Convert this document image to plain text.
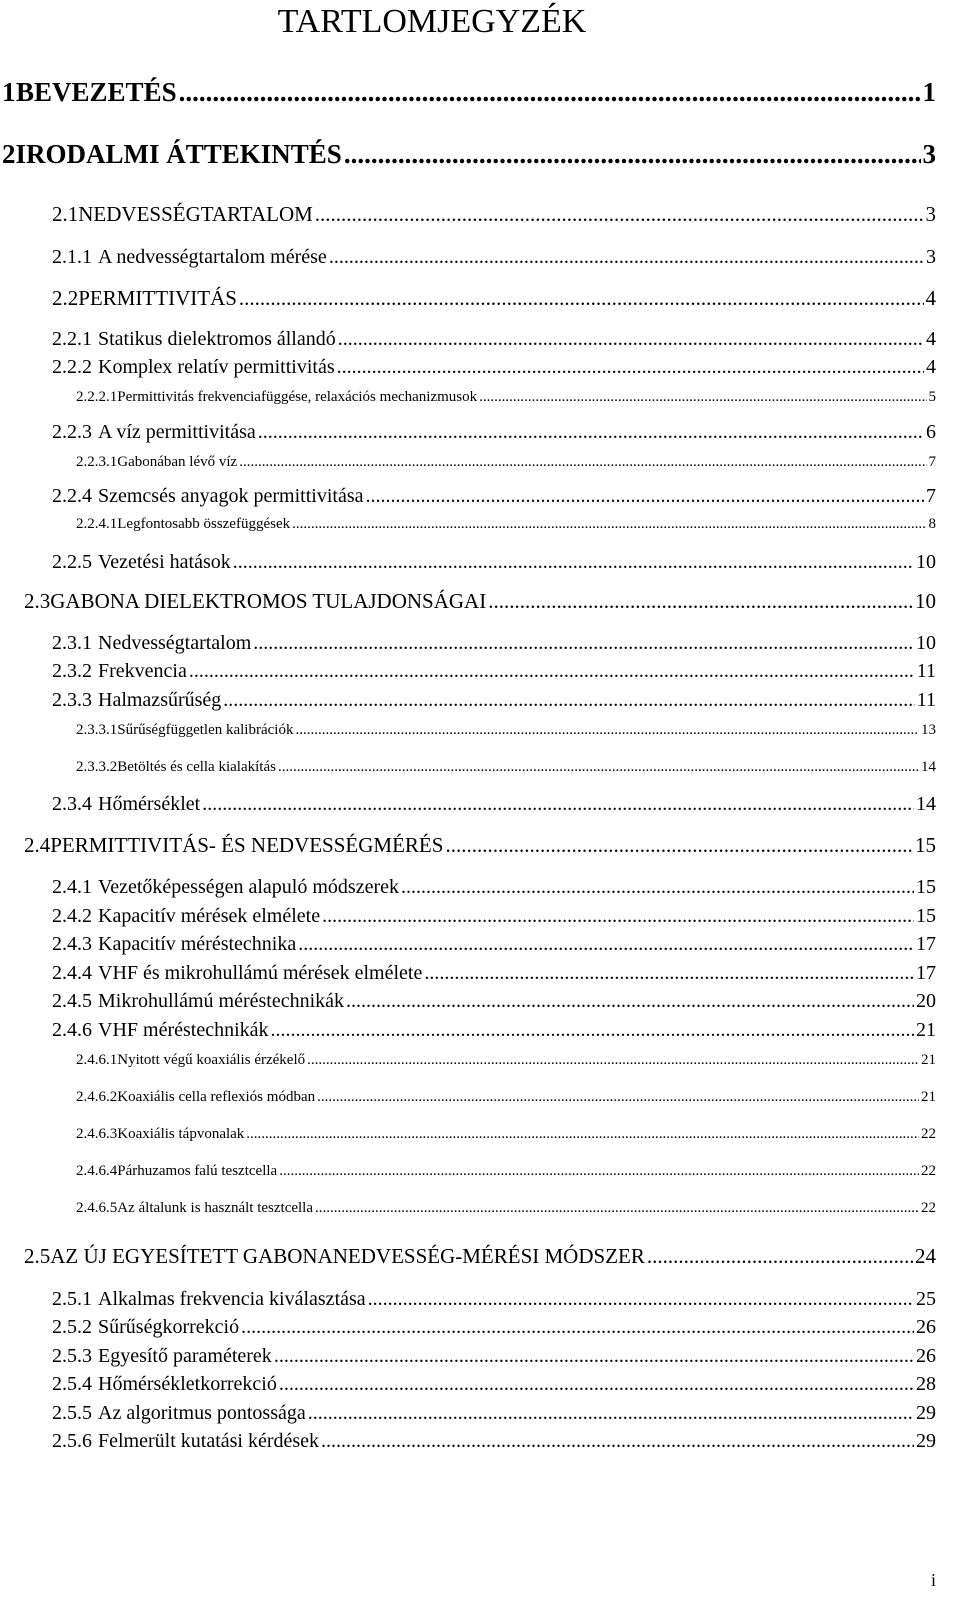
TARTLOMJEGYZÉK
1 BEVEZETÉS .....	1
2 IRODALMI ÁTTEKINTÉS .....	3
2.1 NEDVESSÉGTARTALOM .....	3
2.1.1 A nedvességtartalom mérése .....	3
2.2 PERMITTIVITÁS .....	4
2.2.1 Statikus dielektromos állandó .....	4
2.2.2 Komplex relatív permittivitás .....	4
2.2.2.1 Permittivitás frekvenciafüggése, relaxációs mechanizmusok .....	5
2.2.3 A víz permittivitása .....	6
2.2.3.1 Gabonában lévő víz .....	7
2.2.4 Szemcsés anyagok permittivitása .....	7
2.2.4.1 Legfontosabb összefüggések .....	8
2.2.5 Vezetési hatások .....	10
2.3 GABONA DIELEKTROMOS TULAJDONSÁGAI .....	10
2.3.1 Nedvességtartalom .....	10
2.3.2 Frekvencia .....	11
2.3.3 Halmazsűrűség .....	11
2.3.3.1 Sűrűségfüggetlen kalibrációk .....	13
2.3.3.2 Betöltés és cella kialakítás .....	14
2.3.4 Hőmérséklet .....	14
2.4 PERMITTIVITÁS- ÉS NEDVESSÉGMÉRÉS .....	15
2.4.1 Vezetőképességen alapuló módszerek .....	15
2.4.2 Kapacitív mérések elmélete .....	15
2.4.3 Kapacitív méréstechnika .....	17
2.4.4 VHF és mikrohullámú mérések elmélete .....	17
2.4.5 Mikrohullámú méréstechnikák .....	20
2.4.6 VHF méréstechnikák .....	21
2.4.6.1 Nyitott végű koaxiális érzékelő .....	21
2.4.6.2 Koaxiális cella reflexiós módban .....	21
2.4.6.3 Koaxiális tápvonalak .....	22
2.4.6.4 Párhuzamos falú tesztcella .....	22
2.4.6.5 Az általunk is használt tesztcella .....	22
2.5 AZ ÚJ EGYESÍTETT GABONANEDVESSÉG-MÉRÉSI MÓDSZER .....	24
2.5.1 Alkalmas frekvencia kiválasztása .....	25
2.5.2 Sűrűségkorrekció .....	26
2.5.3 Egyesítő paraméterek .....	26
2.5.4 Hőmérsékletkorrekció .....	28
2.5.5 Az algoritmus pontossága .....	29
2.5.6 Felmerült kutatási kérdések .....	29
i
